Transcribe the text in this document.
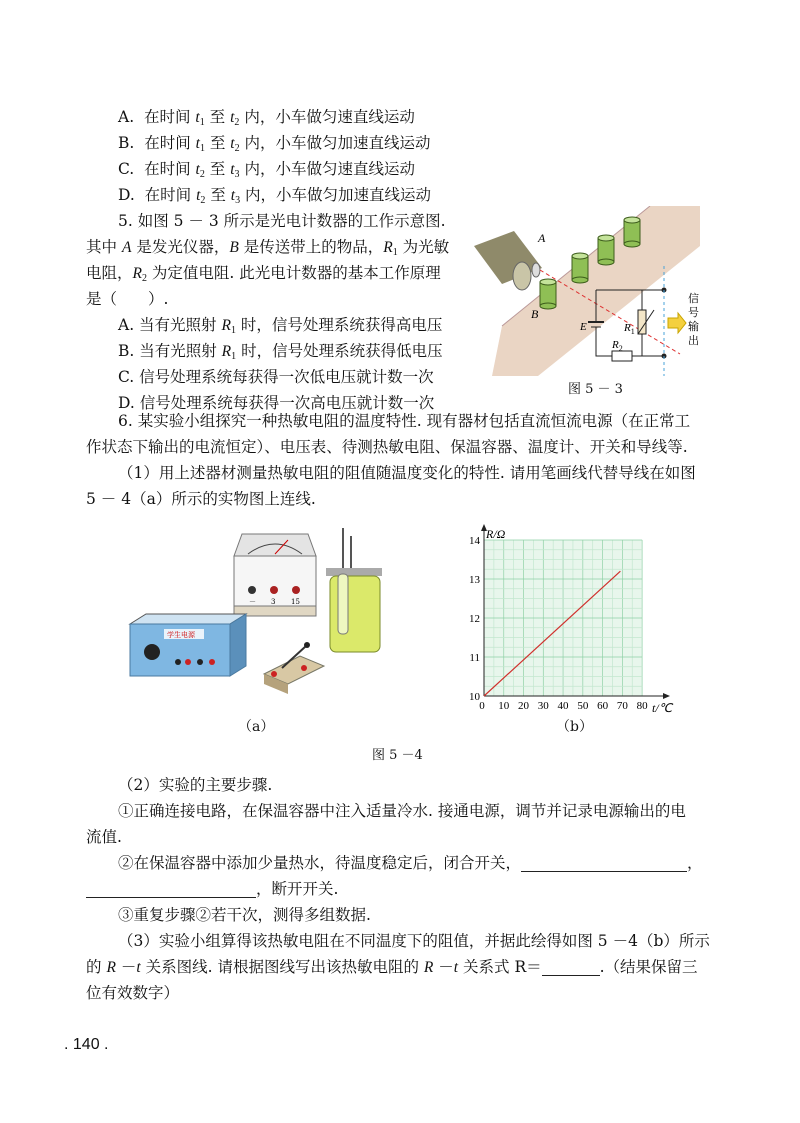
A. 在时间 $t_1$ 至 $t_2$ 内，小车做匀速直线运动
B. 在时间 $t_1$ 至 $t_2$ 内，小车做匀加速直线运动
C. 在时间 $t_2$ 至 $t_3$ 内，小车做匀速直线运动
D. 在时间 $t_2$ 至 $t_3$ 内，小车做匀加速直线运动
5. 如图 5 － 3 所示是光电计数器的工作示意图.
其中 A 是发光仪器，B 是传送带上的物品，$R_1$ 为光敏
电阻，$R_2$ 为定值电阻. 此光电计数器的基本工作原理
是（　　）.
A. 当有光照射 $R_1$ 时，信号处理系统获得高电压
B. 当有光照射 $R_1$ 时，信号处理系统获得低电压
C. 信号处理系统每获得一次低电压就计数一次
D. 信号处理系统每获得一次高电压就计数一次
A
B
E	$R_1$
$R_2$
信
号
输
出
图 5 － 3
6. 某实验小组探究一种热敏电阻的温度特性. 现有器材包括直流恒流电源（在正常工
作状态下输出的电流恒定）、电压表、待测热敏电阻、保温容器、温度计、开关和导线等.
（1）用上述器材测量热敏电阻的阻值随温度变化的特性. 请用笔画线代替导线在如图
5 － 4（a）所示的实物图上连线.
－ 3 15
学生电源
（a）
0 10 20 30 40 50 60 70 80
10
11
12
13
14 R/Ω
t/℃
（b）
图 5 －4
（2）实验的主要步骤.
①正确连接电路，在保温容器中注入适量冷水. 接通电源，调节并记录电源输出的电
流值.
②在保温容器中添加少量热水，待温度稳定后，闭合开关，	，
，断开开关.
③重复步骤②若干次，测得多组数据.
（3）实验小组算得该热敏电阻在不同温度下的阻值，并据此绘得如图 5 －4（b）所示
的 R －t 关系图线. 请根据图线写出该热敏电阻的 R －t 关系式 R＝	.（结果保留三
位有效数字）
. 140 .
